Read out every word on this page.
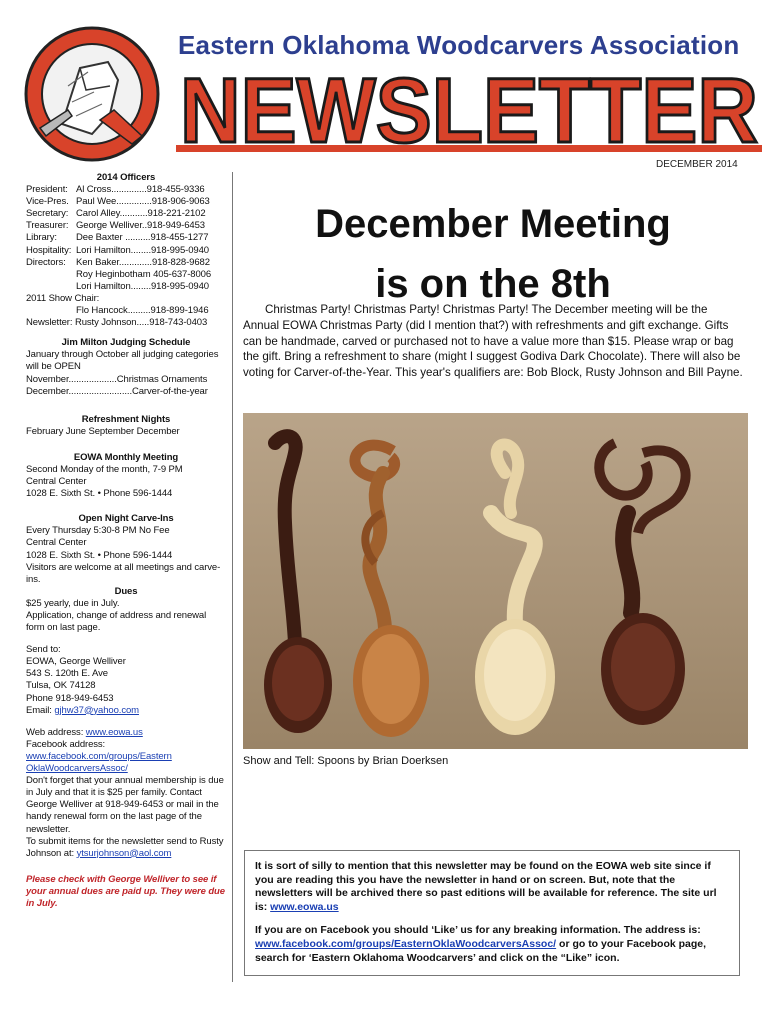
Eastern Oklahoma Woodcarvers Association
NEWSLETTER
DECEMBER 2014
2014 Officers
President: Al Cross..............918-455-9336
Vice-Pres. Paul Wee..............918-906-9063
Secretary: Carol Alley...........918-221-2102
Treasurer: George Welliver..918-949-6453
Library:	Dee Baxter ..........918-455-1277
Hospitality: Lori Hamilton........918-995-0940
Directors:	Ken Baker.............918-828-9682
Roy Heginbotham 405-637-8006
Lori Hamilton........918-995-0940
2011 Show Chair:
Flo Hancock.........918-899-1946
Newsletter: Rusty Johnson.....918-743-0403
Jim Milton Judging Schedule
January through October all judging categories will be OPEN
November...................Christmas Ornaments
December.........................Carver-of-the-year
Refreshment Nights
February June September December
EOWA Monthly Meeting
Second Monday of the month, 7-9 PM
Central Center
1028 E. Sixth St. • Phone 596-1444
Open Night Carve-Ins
Every Thursday 5:30-8 PM No Fee
Central Center
1028 E. Sixth St. • Phone 596-1444
Visitors are welcome at all meetings and carve-ins.
Dues
$25 yearly, due in July.
Application, change of address and renewal form on last page.
Send to:
EOWA, George Welliver
543 S. 120th E. Ave
Tulsa, OK 74128
Phone 918-949-6453
Email: gjhw37@yahoo.com
Web address: www.eowa.us
Facebook address:
www.facebook.com/groups/EasternOklaWoodcarversAssoc/
Don't forget that your annual membership is due in July and that it is $25 per family. Contact George Welliver at 918-949-6453 or mail in the handy renewal form on the last page of the newsletter.
To submit items for the newsletter send to Rusty Johnson at: ytsurjohnson@aol.com
Please check with George Welliver to see if your annual dues are paid up. They were due in July.
December Meeting
is on the 8th
Christmas Party! Christmas Party! Christmas Party! The December meeting will be the Annual EOWA Christmas Party (did I mention that?) with refreshments and gift exchange. Gifts can be handmade, carved or purchased not to have a value more than $15. Please wrap or bag the gift. Bring a refreshment to share (might I suggest Godiva Dark Chocolate). There will also be voting for Carver-of-the-Year. This year's qualifiers are: Bob Block, Rusty Johnson and Bill Payne.
Show and Tell: Spoons by Brian Doerksen

It is sort of silly to mention that this newsletter may be found on the EOWA web site since if you are reading this you have the newsletter in hand or on screen. But, note that the newsletters will be archived there so past editions will be available for reference. The site url is: www.eowa.us

If you are on Facebook you should ‘Like’ us for any breaking information. The address is: www.facebook.com/groups/EasternOklaWoodcarversAssoc/ or go to your Facebook page, search for ‘Eastern Oklahoma Woodcarvers’ and click on the “Like” icon.
